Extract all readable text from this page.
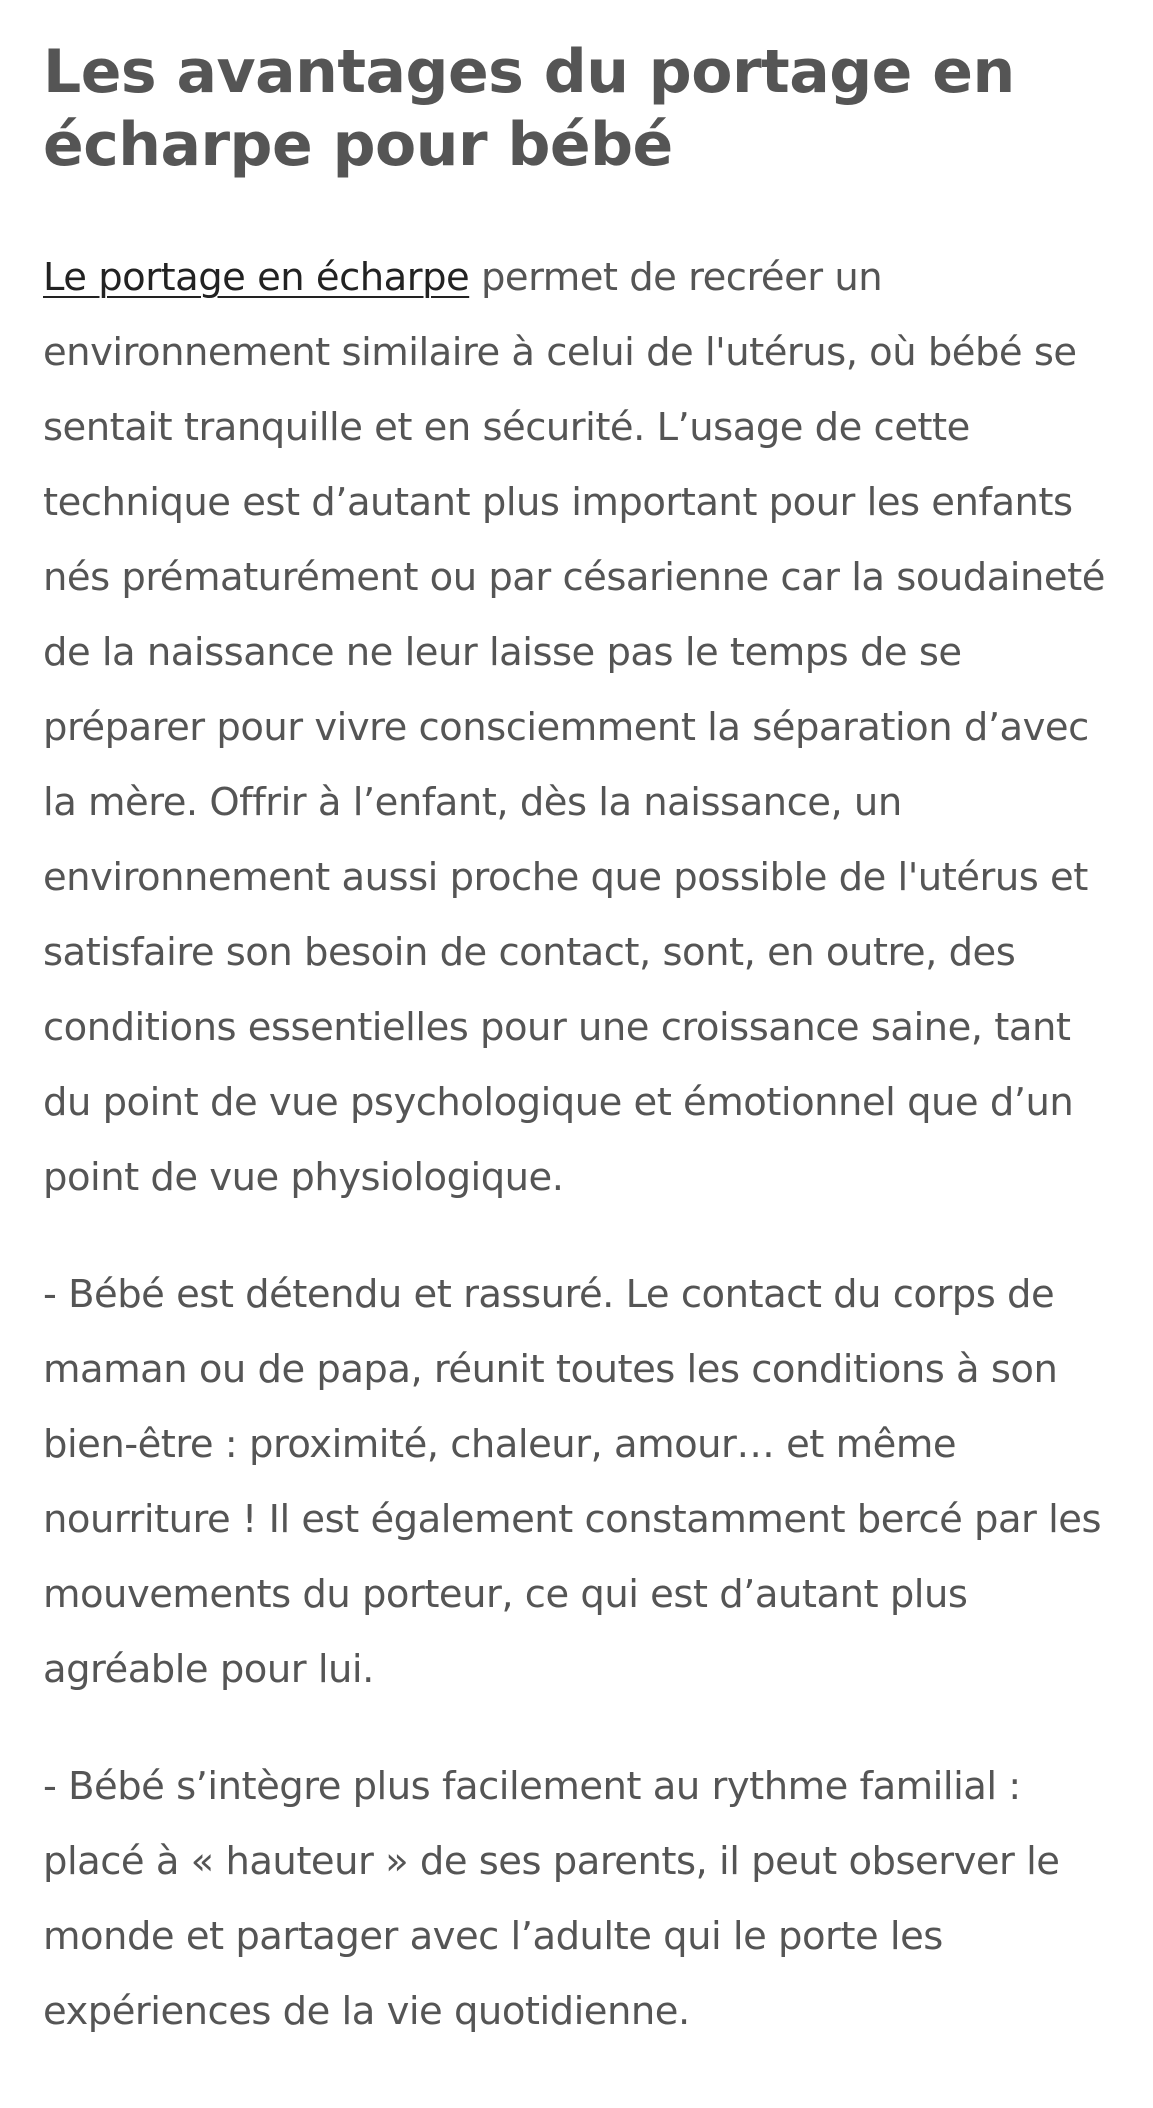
Les avantages du portage en écharpe pour bébé

Le portage en écharpe permet de recréer un environnement similaire à celui de l'utérus, où bébé se sentait tranquille et en sécurité. L’usage de cette technique est d’autant plus important pour les enfants nés prématurément ou par césarienne car la soudaineté de la naissance ne leur laisse pas le temps de se préparer pour vivre consciemment la séparation d’avec la mère. Offrir à l’enfant, dès la naissance, un environnement aussi proche que possible de l'utérus et satisfaire son besoin de contact, sont, en outre, des conditions essentielles pour une croissance saine, tant du point de vue psychologique et émotionnel que d’un point de vue physiologique.

- Bébé est détendu et rassuré. Le contact du corps de maman ou de papa, réunit toutes les conditions à son bien-être : proximité, chaleur, amour… et même nourriture ! Il est également constamment bercé par les mouvements du porteur, ce qui est d’autant plus agréable pour lui.

- Bébé s’intègre plus facilement au rythme familial : placé à « hauteur » de ses parents, il peut observer le monde et partager avec l’adulte qui le porte les expériences de la vie quotidienne.
